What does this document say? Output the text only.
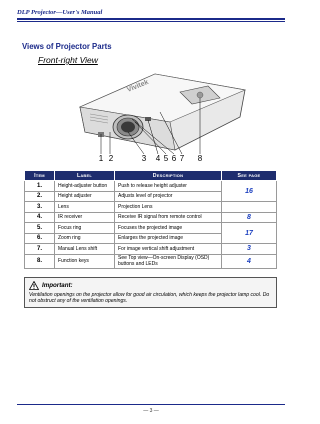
DLP Projector—User's Manual
Views of Projector Parts
Front-right View
Vivitek
1 2	3 4 5 6 7 8
Item	Label	Description	See page
1.	Height-adjuster button	Push to release height adjuster	16
2.	Height adjuster	Adjusts level of projector	
3.	Lens	Projection Lens	
4.	IR receiver	Receive IR signal from remote control	8
5.	Focus ring	Focuses the projected image	17
6.	Zoom ring	Enlarges the projected image	
7.	Manual Lens shift	For image vertical shift adjustment	3
8.	Function keys	See Top view—On-screen Display (OSD) buttons and LEDs	4
Important:
Ventilation openings on the projector allow for good air circulation, which keeps the projector lamp cool. Do not obstruct any of the ventilation openings.
— 3 —
